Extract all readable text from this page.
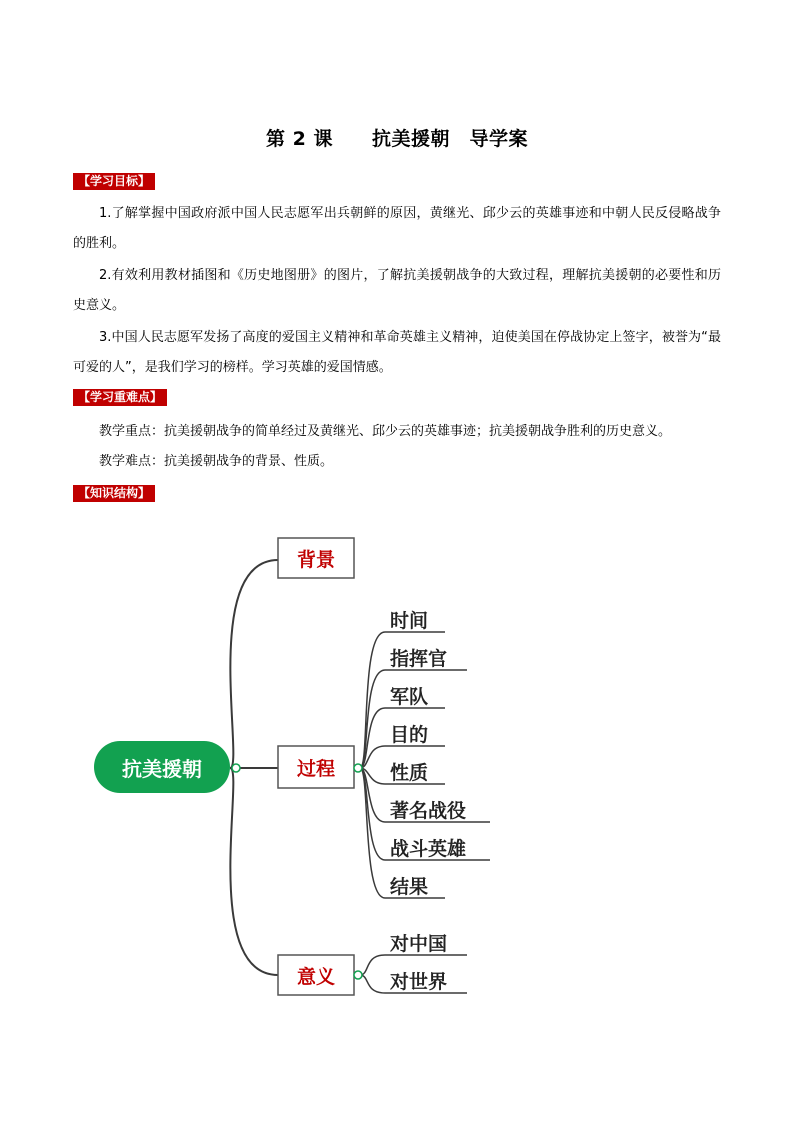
第 2 课　　抗美援朝　导学案
【学习目标】
1.了解掌握中国政府派中国人民志愿军出兵朝鲜的原因，黄继光、邱少云的英雄事迹和中朝人民反侵略战争的胜利。
2.有效利用教材插图和《历史地图册》的图片，了解抗美援朝战争的大致过程，理解抗美援朝的必要性和历史意义。
3.中国人民志愿军发扬了高度的爱国主义精神和革命英雄主义精神，迫使美国在停战协定上签字，被誉为“最可爱的人”，是我们学习的榜样。学习英雄的爱国情感。
【学习重难点】
教学重点：抗美援朝战争的简单经过及黄继光、邱少云的英雄事迹；抗美援朝战争胜利的历史意义。
教学难点：抗美援朝战争的背景、性质。
【知识结构】
抗美援朝
背景
过程
意义
时间
指挥官
军队
目的
性质
著名战役
战斗英雄
结果
对中国
对世界
